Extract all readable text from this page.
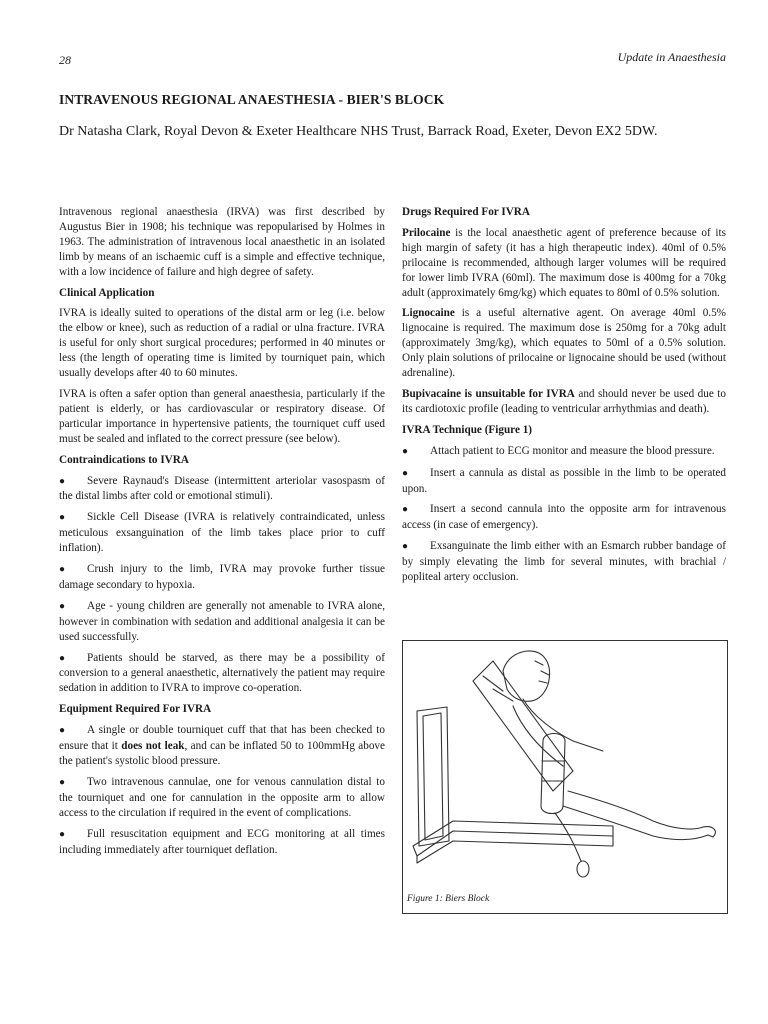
28	Update in Anaesthesia
INTRAVENOUS REGIONAL ANAESTHESIA - BIER'S BLOCK
Dr Natasha Clark, Royal Devon & Exeter Healthcare NHS Trust, Barrack Road, Exeter, Devon EX2 5DW.

Intravenous regional anaesthesia (IRVA) was first described by Augustus Bier in 1908; his technique was repopularised by Holmes in 1963. The administration of intravenous local anaesthetic in an isolated limb by means of an ischaemic cuff is a simple and effective technique, with a low incidence of failure and high degree of safety.

Clinical Application

IVRA is ideally suited to operations of the distal arm or leg (i.e. below the elbow or knee), such as reduction of a radial or ulna fracture. IVRA is useful for only short surgical procedures; performed in 40 minutes or less (the length of operating time is limited by tourniquet pain, which usually develops after 40 to 60 minutes.

IVRA is often a safer option than general anaesthesia, particularly if the patient is elderly, or has cardiovascular or respiratory disease. Of particular importance in hypertensive patients, the tourniquet cuff used must be sealed and inflated to the correct pressure (see below).

Contraindications to IVRA

● Severe Raynaud's Disease (intermittent arteriolar vasospasm of the distal limbs after cold or emotional stimuli).

● Sickle Cell Disease (IVRA is relatively contraindicated, unless meticulous exsanguination of the limb takes place prior to cuff inflation).

● Crush injury to the limb, IVRA may provoke further tissue damage secondary to hypoxia.

● Age - young children are generally not amenable to IVRA alone, however in combination with sedation and additional analgesia it can be used successfully.

● Patients should be starved, as there may be a possibility of conversion to a general anaesthetic, alternatively the patient may require sedation in addition to IVRA to improve co-operation.

Equipment Required For IVRA

● A single or double tourniquet cuff that that has been checked to ensure that it does not leak, and can be inflated 50 to 100mmHg above the patient's systolic blood pressure.

● Two intravenous cannulae, one for venous cannulation distal to the tourniquet and one for cannulation in the opposite arm to allow access to the circulation if required in the event of complications.

● Full resuscitation equipment and ECG monitoring at all times including immediately after tourniquet deflation.

Drugs Required For IVRA

Prilocaine is the local anaesthetic agent of preference because of its high margin of safety (it has a high therapeutic index). 40ml of 0.5% prilocaine is recommended, although larger volumes will be required for lower limb IVRA (60ml). The maximum dose is 400mg for a 70kg adult (approximately 6mg/kg) which equates to 80ml of 0.5% solution.

Lignocaine is a useful alternative agent. On average 40ml 0.5% lignocaine is required. The maximum dose is 250mg for a 70kg adult (approximately 3mg/kg), which equates to 50ml of a 0.5% solution. Only plain solutions of prilocaine or lignocaine should be used (without adrenaline).

Bupivacaine is unsuitable for IVRA and should never be used due to its cardiotoxic profile (leading to ventricular arrhythmias and death).

IVRA Technique (Figure 1)

● Attach patient to ECG monitor and measure the blood pressure.

● Insert a cannula as distal as possible in the limb to be operated upon.

● Insert a second cannula into the opposite arm for intravenous access (in case of emergency).

● Exsanguinate the limb either with an Esmarch rubber bandage of by simply elevating the limb for several minutes, with brachial / popliteal artery occlusion.

Figure 1: Biers Block
